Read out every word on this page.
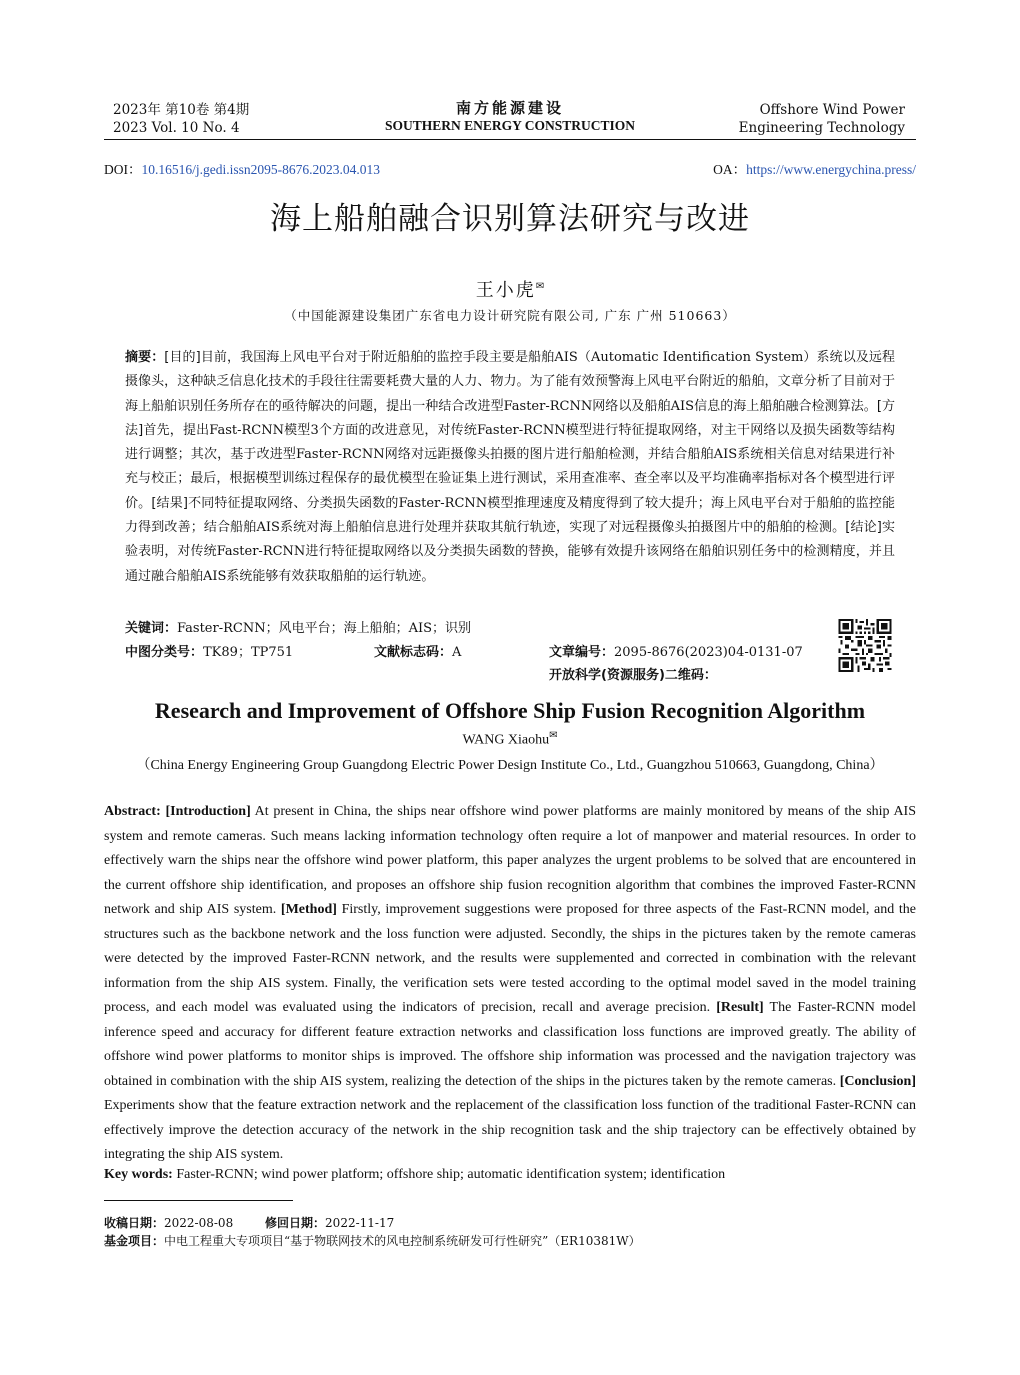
2023年 第10卷 第4期
2023 Vol. 10 No. 4
南方能源建设
SOUTHERN ENERGY CONSTRUCTION
Offshore Wind Power
Engineering Technology
DOI：10.16516/j.gedi.issn2095-8676.2023.04.013	OA：https://www.energychina.press/
海上船舶融合识别算法研究与改进
王小虎✉
（中国能源建设集团广东省电力设计研究院有限公司, 广东 广州 510663）
摘要：[目的]目前，我国海上风电平台对于附近船舶的监控手段主要是船舶AIS（Automatic Identification System）系统以及远程摄像头，这种缺乏信息化技术的手段往往需要耗费大量的人力、物力。为了能有效预警海上风电平台附近的船舶，文章分析了目前对于海上船舶识别任务所存在的亟待解决的问题，提出一种结合改进型Faster-RCNN网络以及船舶AIS信息的海上船舶融合检测算法。[方法]首先，提出Fast-RCNN模型3个方面的改进意见，对传统Faster-RCNN模型进行特征提取网络，对主干网络以及损失函数等结构进行调整；其次，基于改进型Faster-RCNN网络对远距摄像头拍摄的图片进行船舶检测，并结合船舶AIS系统相关信息对结果进行补充与校正；最后，根据模型训练过程保存的最优模型在验证集上进行测试，采用查准率、查全率以及平均准确率指标对各个模型进行评价。[结果]不同特征提取网络、分类损失函数的Faster-RCNN模型推理速度及精度得到了较大提升；海上风电平台对于船舶的监控能力得到改善；结合船舶AIS系统对海上船舶信息进行处理并获取其航行轨迹，实现了对远程摄像头拍摄图片中的船舶的检测。[结论]实验表明，对传统Faster-RCNN进行特征提取网络以及分类损失函数的替换，能够有效提升该网络在船舶识别任务中的检测精度，并且通过融合船舶AIS系统能够有效获取船舶的运行轨迹。
关键词：Faster-RCNN；风电平台；海上船舶；AIS；识别
中图分类号：TK89；TP751	文献标志码：A	文章编号：2095-8676(2023)04-0131-07
开放科学(资源服务)二维码：
Research and Improvement of Offshore Ship Fusion Recognition Algorithm
WANG Xiaohu✉
（China Energy Engineering Group Guangdong Electric Power Design Institute Co., Ltd., Guangzhou 510663, Guangdong, China）
Abstract: [Introduction] At present in China, the ships near offshore wind power platforms are mainly monitored by means of the ship AIS system and remote cameras. Such means lacking information technology often require a lot of manpower and material resources. In order to effectively warn the ships near the offshore wind power platform, this paper analyzes the urgent problems to be solved that are encountered in the current offshore ship identification, and proposes an offshore ship fusion recognition algorithm that combines the improved Faster-RCNN network and ship AIS system. [Method] Firstly, improvement suggestions were proposed for three aspects of the Fast-RCNN model, and the structures such as the backbone network and the loss function were adjusted. Secondly, the ships in the pictures taken by the remote cameras were detected by the improved Faster-RCNN network, and the results were supplemented and corrected in combination with the relevant information from the ship AIS system. Finally, the verification sets were tested according to the optimal model saved in the model training process, and each model was evaluated using the indicators of precision, recall and average precision. [Result] The Faster-RCNN model inference speed and accuracy for different feature extraction networks and classification loss functions are improved greatly. The ability of offshore wind power platforms to monitor ships is improved. The offshore ship information was processed and the navigation trajectory was obtained in combination with the ship AIS system, realizing the detection of the ships in the pictures taken by the remote cameras. [Conclusion] Experiments show that the feature extraction network and the replacement of the classification loss function of the traditional Faster-RCNN can effectively improve the detection accuracy of the network in the ship recognition task and the ship trajectory can be effectively obtained by integrating the ship AIS system.
Key words: Faster-RCNN; wind power platform; offshore ship; automatic identification system; identification
收稿日期：2022-08-08	修回日期：2022-11-17
基金项目：中电工程重大专项项目“基于物联网技术的风电控制系统研发可行性研究”（ER10381W）
